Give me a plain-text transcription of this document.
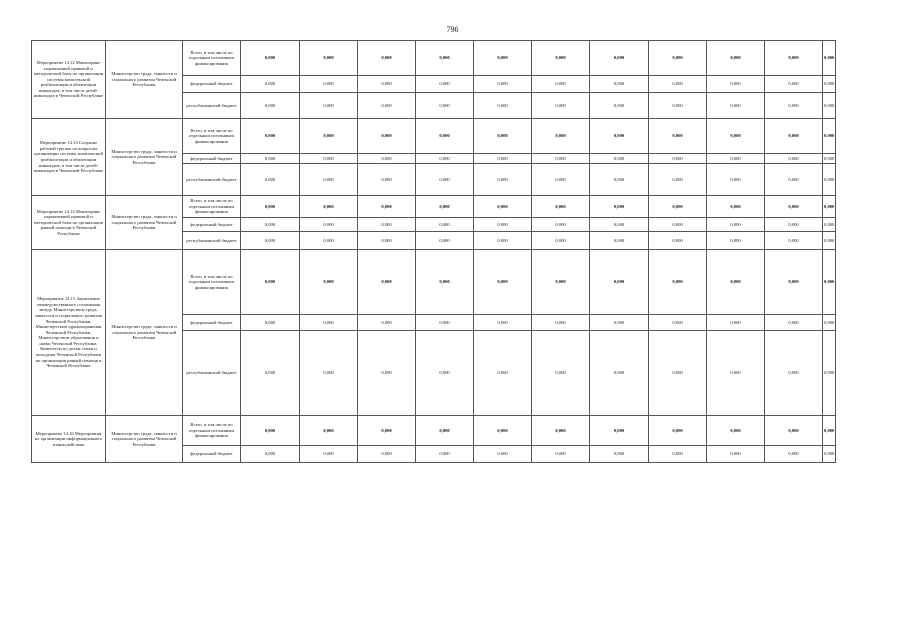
796
Мероприятие 14.12 Мониторинг нормативной правовой и методической базы по организации системы комплексной реабилитации и абилитации инвалидов, в том числе детей-инвалидов в Чеченской Республике	Министерство труда, занятости и социального развития Чеченской Республики	Всего, в том числе по отдельным источникам финансирования	0,000	0,000	0,000	0,000	0,000	0,000	0,000	0,000	0,000	0,000	0,000
		федеральный бюджет	0,000	0,000	0,000	0,000	0,000	0,000	0,000	0,000	0,000	0,000	0,000
		республиканский бюджет	0,000	0,000	0,000	0,000	0,000	0,000	0,000	0,000	0,000	0,000	0,000
Мероприятие 14.13 Создание рабочей группы по вопросам организации системы комплексной реабилитации и абилитации инвалидов, в том числе детей-инвалидов в Чеченской Республике	Министерство труда, занятости и социального развития Чеченской Республики	Всего, в том числе по отдельным источникам финансирования	0,000	0,000	0,000	0,000	0,000	0,000	0,000	0,000	0,000	0,000	0,000
		федеральный бюджет	0,000	0,000	0,000	0,000	0,000	0,000	0,000	0,000	0,000	0,000	0,000
		республиканский бюджет	0,000	0,000	0,000	0,000	0,000	0,000	0,000	0,000	0,000	0,000	0,000
Мероприятие 14.14 Мониторинг нормативной правовой и методической базы по организации ранней помощи в Чеченской Республике	Министерство труда, занятости и социального развития Чеченской Республики	Всего, в том числе по отдельным источникам финансирования	0,000	0,000	0,000	0,000	0,000	0,000	0,000	0,000	0,000	0,000	0,000
		федеральный бюджет	0,000	0,000	0,000	0,000	0,000	0,000	0,000	0,000	0,000	0,000	0,000
		республиканский бюджет	0,000	0,000	0,000	0,000	0,000	0,000	0,000	0,000	0,000	0,000	0,000
Мероприятие 14.15 Заключение межведомственного соглашения между Министерством труда, занятости и социального развития Чеченской Республики, Министерством здравоохранения Чеченской Республики, Министерством образования и науки Чеченской Республики, Комитетом по делам семьи и молодежи Чеченской Республики по организации ранней помощи в Чеченской Республике	Министерство труда, занятости и социального развития Чеченской Республики	Всего, в том числе по отдельным источникам финансирования	0,000	0,000	0,000	0,000	0,000	0,000	0,000	0,000	0,000	0,000	0,000
		федеральный бюджет	0,000	0,000	0,000	0,000	0,000	0,000	0,000	0,000	0,000	0,000	0,000
		республиканский бюджет	0,000	0,000	0,000	0,000	0,000	0,000	0,000	0,000	0,000	0,000	0,000
Мероприятие 14.16 Мероприятия по организации информационного взаимодействия	Министерство труда, занятости и социального развития Чеченской Республики	Всего, в том числе по отдельным источникам финансирования	0,000	0,000	0,000	0,000	0,000	0,000	0,000	0,000	0,000	0,000	0,000
		федеральный бюджет	0,000	0,000	0,000	0,000	0,000	0,000	0,000	0,000	0,000	0,000	0,000
